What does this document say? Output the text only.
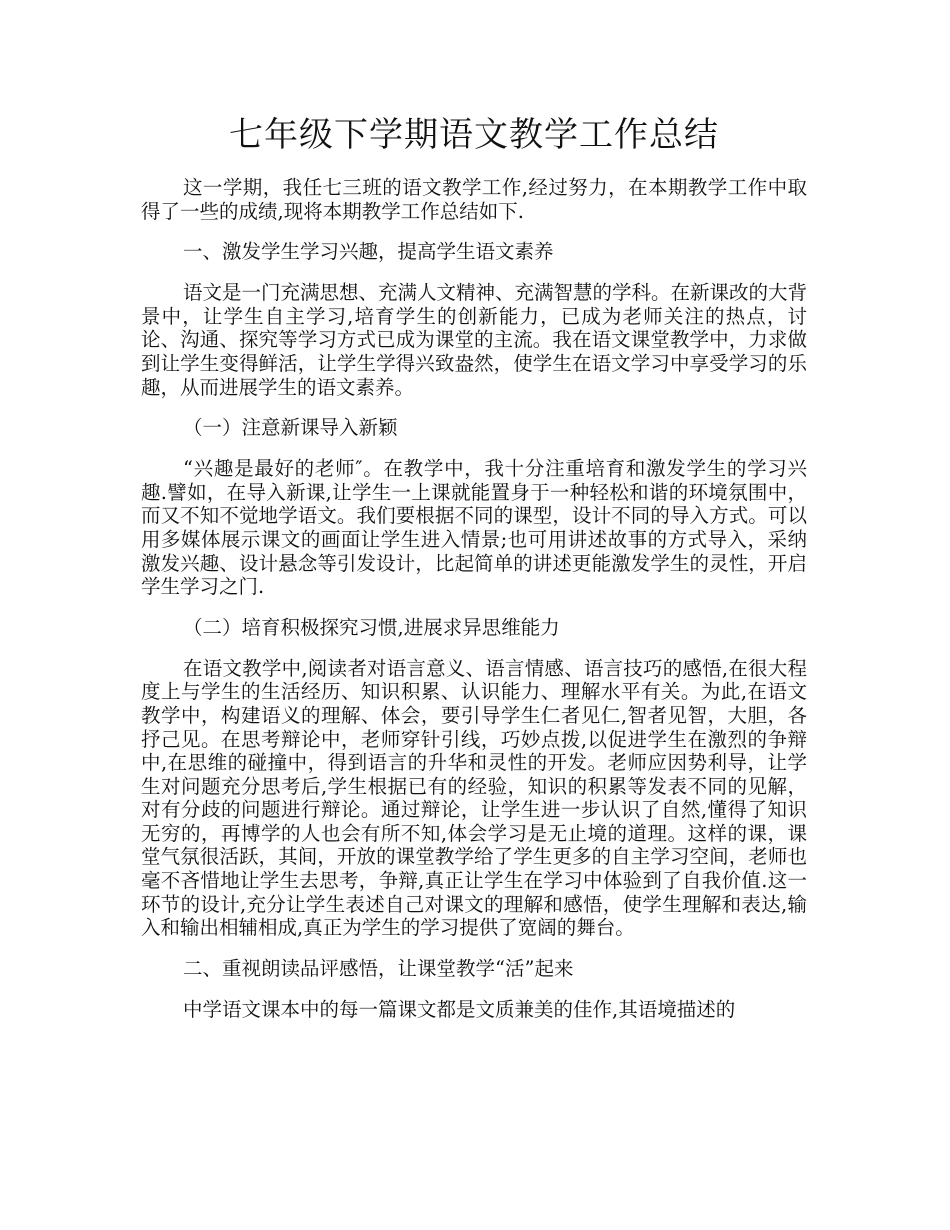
七年级下学期语文教学工作总结

这一学期，我任七三班的语文教学工作,经过努力，在本期教学工作中取得了一些的成绩,现将本期教学工作总结如下.

一、激发学生学习兴趣，提高学生语文素养

语文是一门充满思想、充满人文精神、充满智慧的学科。在新课改的大背景中，让学生自主学习,培育学生的创新能力，已成为老师关注的热点，讨论、沟通、探究等学习方式已成为课堂的主流。我在语文课堂教学中，力求做到让学生变得鲜活，让学生学得兴致盎然，使学生在语文学习中享受学习的乐趣，从而进展学生的语文素养。

（一）注意新课导入新颖

“兴趣是最好的老师″。在教学中，我十分注重培育和激发学生的学习兴趣.譬如，在导入新课,让学生一上课就能置身于一种轻松和谐的环境氛围中，而又不知不觉地学语文。我们要根据不同的课型，设计不同的导入方式。可以用多媒体展示课文的画面让学生进入情景;也可用讲述故事的方式导入，采纳激发兴趣、设计悬念等引发设计，比起简单的讲述更能激发学生的灵性，开启学生学习之门.

（二）培育积极探究习惯,进展求异思维能力

在语文教学中,阅读者对语言意义、语言情感、语言技巧的感悟,在很大程度上与学生的生活经历、知识积累、认识能力、理解水平有关。为此,在语文教学中，构建语义的理解、体会，要引导学生仁者见仁,智者见智，大胆，各抒己见。在思考辩论中，老师穿针引线，巧妙点拨,以促进学生在激烈的争辩中,在思维的碰撞中，得到语言的升华和灵性的开发。老师应因势利导，让学生对问题充分思考后,学生根据已有的经验，知识的积累等发表不同的见解，对有分歧的问题进行辩论。通过辩论，让学生进一步认识了自然,懂得了知识无穷的，再博学的人也会有所不知,体会学习是无止境的道理。这样的课，课堂气氛很活跃，其间，开放的课堂教学给了学生更多的自主学习空间，老师也毫不吝惜地让学生去思考，争辩,真正让学生在学习中体验到了自我价值.这一环节的设计,充分让学生表述自己对课文的理解和感悟，使学生理解和表达,输入和输出相辅相成,真正为学生的学习提供了宽阔的舞台。

二、重视朗读品评感悟，让课堂教学“活”起来

中学语文课本中的每一篇课文都是文质兼美的佳作,其语境描述的
